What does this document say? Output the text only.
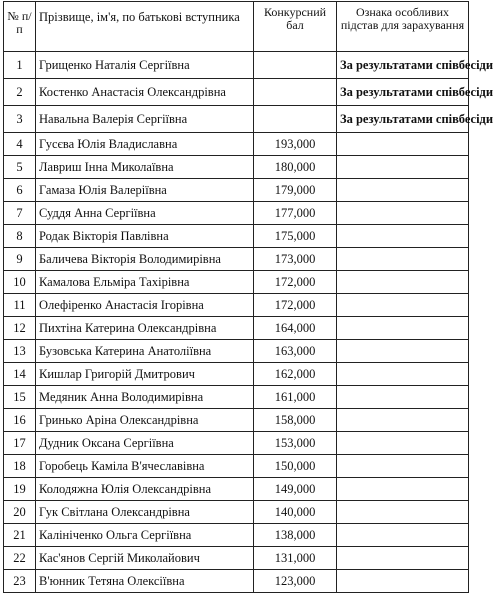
№ п/п	Прізвище, ім'я, по батькові вступника	Конкурсний бал	Ознака особливих підстав для зарахування
1	Грищенко Наталія Сергіївна		За результатами співбесіди
2	Костенко Анастасія Олександрівна		За результатами співбесіди
3	Навальна Валерія Сергіївна		За результатами співбесіди
4	Гусєва Юлія Владиславна	193,000	
5	Лавриш Інна Миколаївна	180,000	
6	Гамаза Юлія Валеріївна	179,000	
7	Суддя Анна Сергіївна	177,000	
8	Родак Вікторія Павлівна	175,000	
9	Баличева Вікторія Володимирівна	173,000	
10	Камалова Ельміра Тахірівна	172,000	
11	Олефіренко Анастасія Ігорівна	172,000	
12	Пихтіна Катерина Олександрівна	164,000	
13	Бузовська Катерина Анатоліївна	163,000	
14	Кишлар Григорій Дмитрович	162,000	
15	Медяник Анна Володимирівна	161,000	
16	Гринько Аріна Олександрівна	158,000	
17	Дудник Оксана Сергіївна	153,000	
18	Горобець Каміла В'ячеславівна	150,000	
19	Колодяжна Юлія Олександрівна	149,000	
20	Гук Світлана Олександрівна	140,000	
21	Калініченко Ольга Сергіївна	138,000	
22	Кас'янов Сергій Миколайович	131,000	
23	В'юнник Тетяна Олексіївна	123,000	
